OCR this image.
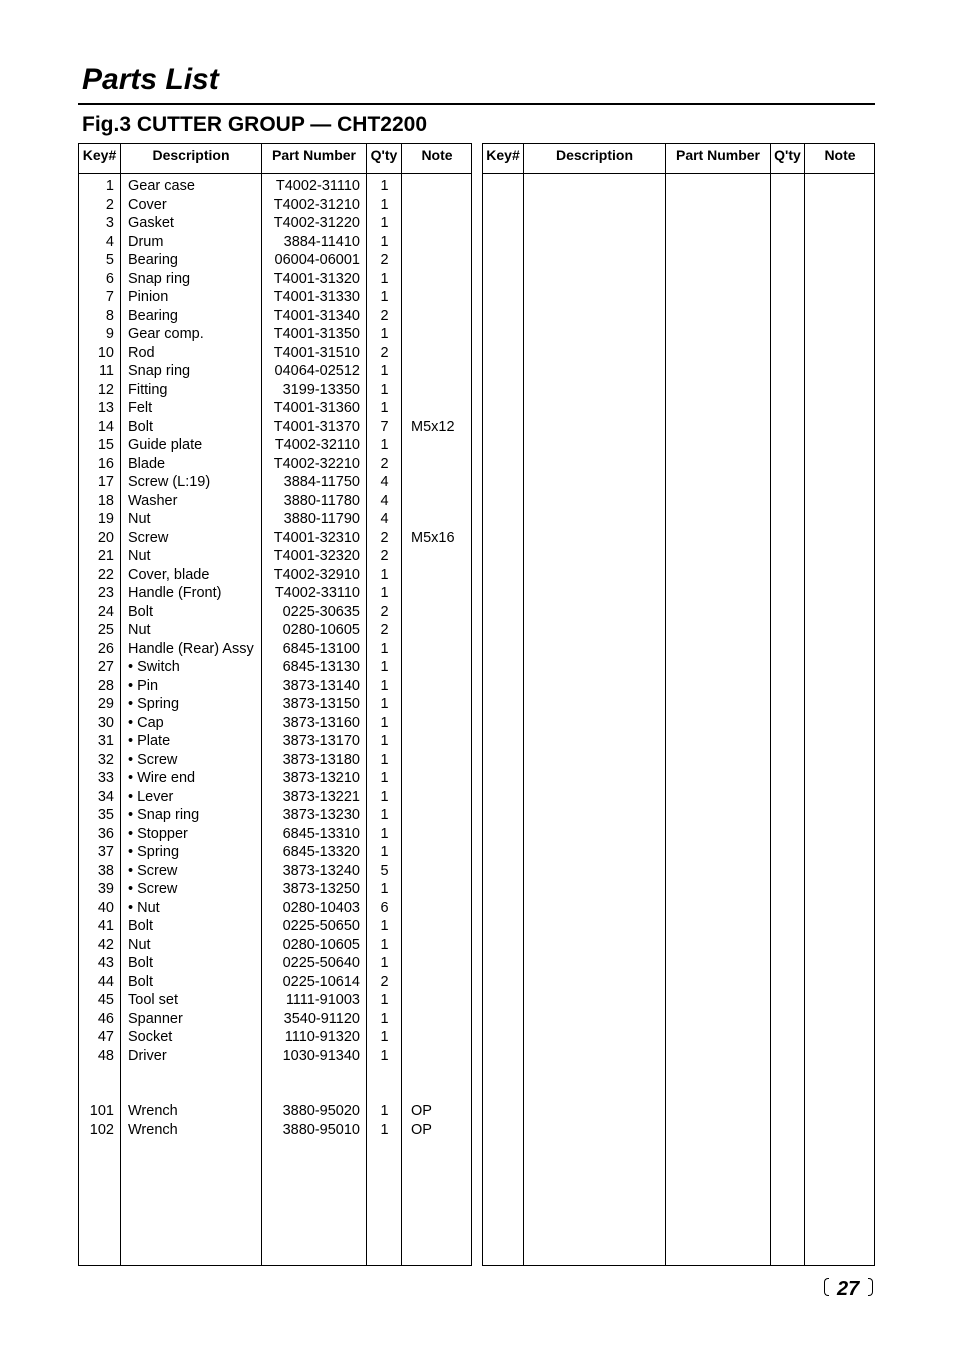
Parts List
Fig.3 CUTTER GROUP — CHT2200
Key#	Description	Part Number	Q'ty	Note
1 Gear case	T4002-31110	1
2 Cover	T4002-31210	1
3 Gasket	T4002-31220	1
4 Drum	3884-11410	1
5 Bearing	06004-06001	2
6 Snap ring	T4001-31320	1
7 Pinion	T4001-31330	1
8 Bearing	T4001-31340	2
9 Gear comp.	T4001-31350	1
10 Rod	T4001-31510	2
11 Snap ring	04064-02512	1
12 Fitting	3199-13350	1
13 Felt	T4001-31360	1
14 Bolt	T4001-31370	7	M5x12
15 Guide plate	T4002-32110	1
16 Blade	T4002-32210	2
17 Screw (L:19)	3884-11750	4
18 Washer	3880-11780	4
19 Nut	3880-11790	4
20 Screw	T4001-32310	2	M5x16
21 Nut	T4001-32320	2
22 Cover, blade	T4002-32910	1
23 Handle (Front)	T4002-33110	1
24 Bolt	0225-30635	2
25 Nut	0280-10605	2
26 Handle (Rear) Assy	6845-13100	1
27 • Switch	6845-13130	1
28 • Pin	3873-13140	1
29 • Spring	3873-13150	1
30 • Cap	3873-13160	1
31 • Plate	3873-13170	1
32 • Screw	3873-13180	1
33 • Wire end	3873-13210	1
34 • Lever	3873-13221	1
35 • Snap ring	3873-13230	1
36 • Stopper	6845-13310	1
37 • Spring	6845-13320	1
38 • Screw	3873-13240	5
39 • Screw	3873-13250	1
40 • Nut	0280-10403	6
41 Bolt	0225-50650	1
42 Nut	0280-10605	1
43 Bolt	0225-50640	1
44 Bolt	0225-10614	2
45 Tool set	1111-91003	1
46 Spanner	3540-91120	1
47 Socket	1110-91320	1
48 Driver	1030-91340	1
101 Wrench	3880-95020	1	OP
102 Wrench	3880-95010	1	OP
Key#	Description	Part Number	Q'ty	Note
27
